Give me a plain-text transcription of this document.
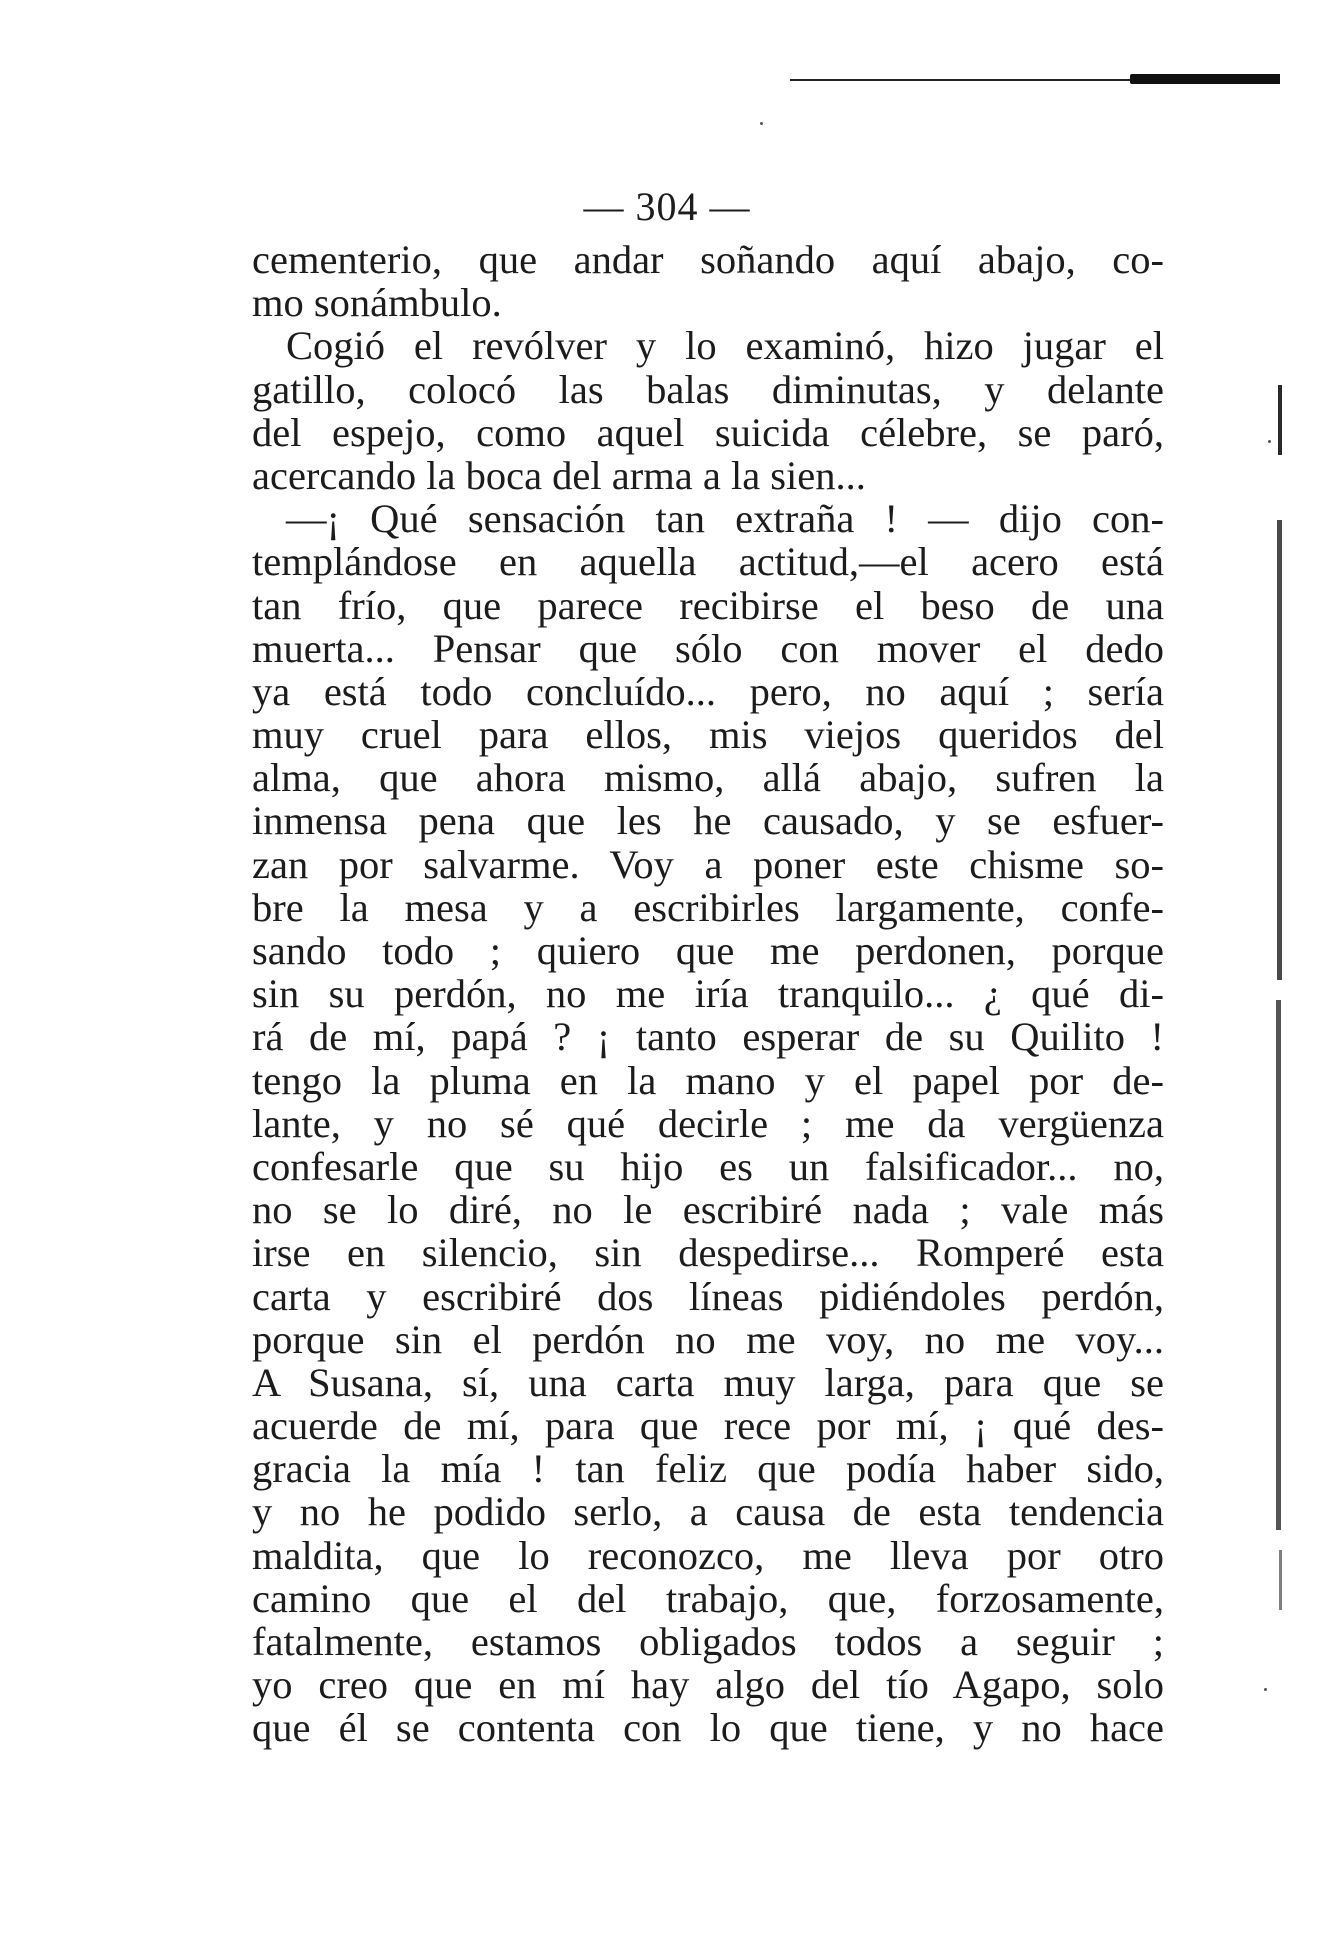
— 304 —
cementerio, que andar soñando aquí abajo, co-
mo sonámbulo.
Cogió el revólver y lo examinó, hizo jugar el
gatillo, colocó las balas diminutas, y delante
del espejo, como aquel suicida célebre, se paró,
acercando la boca del arma a la sien...
—¡ Qué sensación tan extraña ! — dijo con-
templándose en aquella actitud,—el acero está
tan frío, que parece recibirse el beso de una
muerta... Pensar que sólo con mover el dedo
ya está todo concluído... pero, no aquí ; sería
muy cruel para ellos, mis viejos queridos del
alma, que ahora mismo, allá abajo, sufren la
inmensa pena que les he causado, y se esfuer-
zan por salvarme. Voy a poner este chisme so-
bre la mesa y a escribirles largamente, confe-
sando todo ; quiero que me perdonen, porque
sin su perdón, no me iría tranquilo... ¿ qué di-
rá de mí, papá ? ¡ tanto esperar de su Quilito !
tengo la pluma en la mano y el papel por de-
lante, y no sé qué decirle ; me da vergüenza
confesarle que su hijo es un falsificador... no,
no se lo diré, no le escribiré nada ; vale más
irse en silencio, sin despedirse... Romperé esta
carta y escribiré dos líneas pidiéndoles perdón,
porque sin el perdón no me voy, no me voy...
A Susana, sí, una carta muy larga, para que se
acuerde de mí, para que rece por mí, ¡ qué des-
gracia la mía ! tan feliz que podía haber sido,
y no he podido serlo, a causa de esta tendencia
maldita, que lo reconozco, me lleva por otro
camino que el del trabajo, que, forzosamente,
fatalmente, estamos obligados todos a seguir ;
yo creo que en mí hay algo del tío Agapo, solo
que él se contenta con lo que tiene, y no hace
